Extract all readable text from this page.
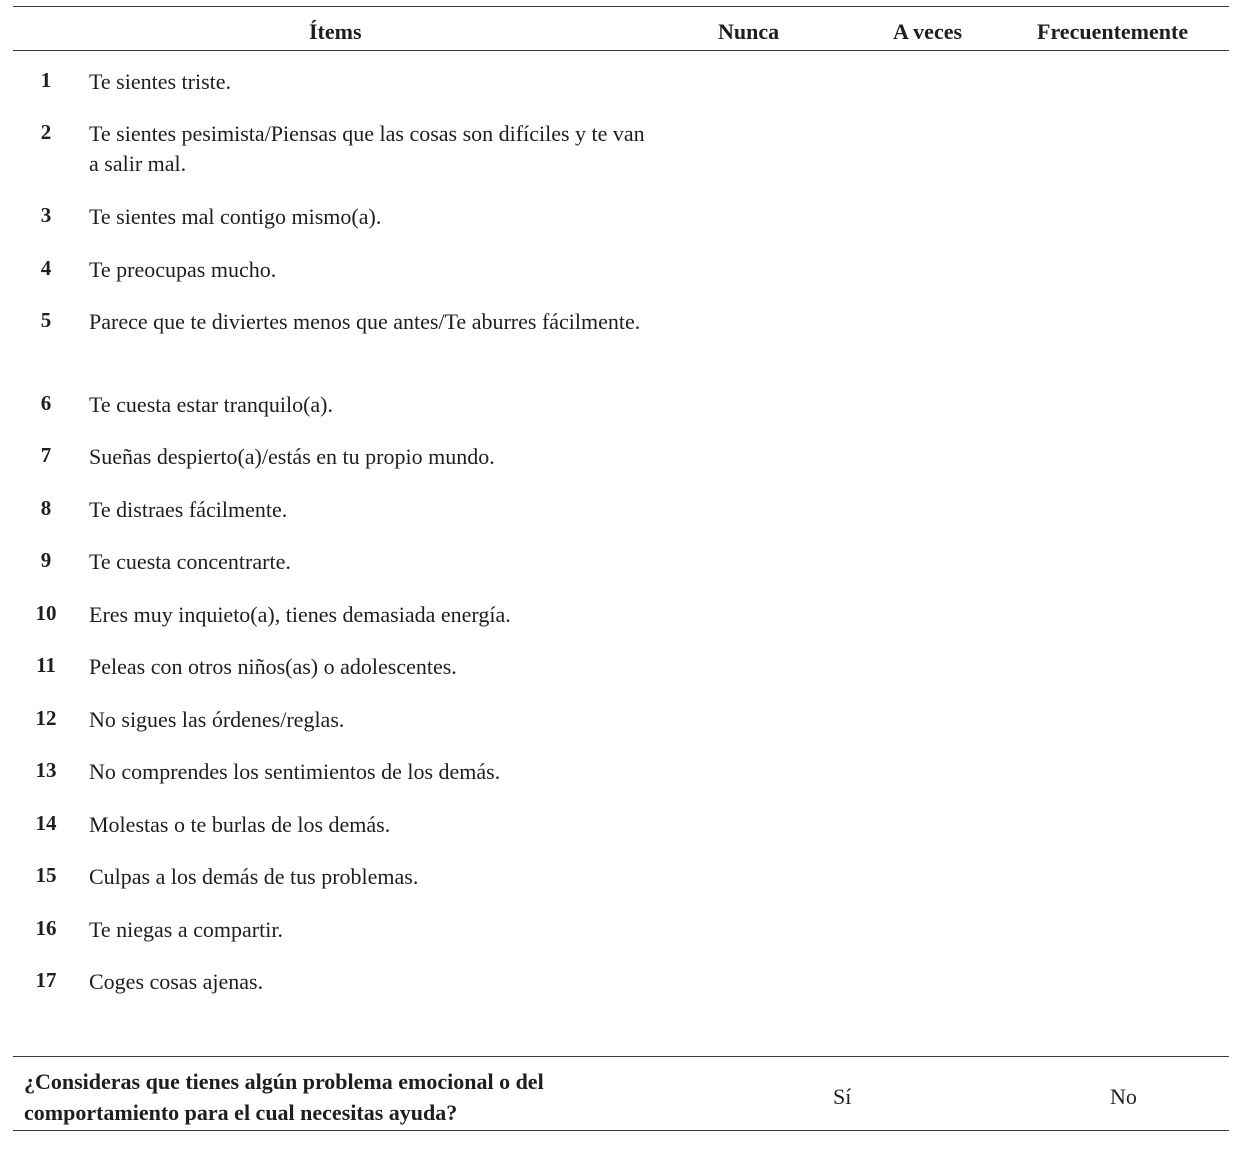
Ítems	Nunca	A veces	Frecuentemente
1	Te sientes triste.
2	Te sientes pesimista/Piensas que las cosas son difíciles y te van a salir mal.
3	Te sientes mal contigo mismo(a).
4	Te preocupas mucho.
5	Parece que te diviertes menos que antes/Te aburres fácilmente.
6	Te cuesta estar tranquilo(a).
7	Sueñas despierto(a)/estás en tu propio mundo.
8	Te distraes fácilmente.
9	Te cuesta concentrarte.
10 Eres muy inquieto(a), tienes demasiada energía.
11 Peleas con otros niños(as) o adolescentes.
12 No sigues las órdenes/reglas.
13 No comprendes los sentimientos de los demás.
14 Molestas o te burlas de los demás.
15 Culpas a los demás de tus problemas.
16 Te niegas a compartir.
17 Coges cosas ajenas.
¿Consideras que tienes algún problema emocional o del comportamiento para el cual necesitas ayuda?
Sí	No
